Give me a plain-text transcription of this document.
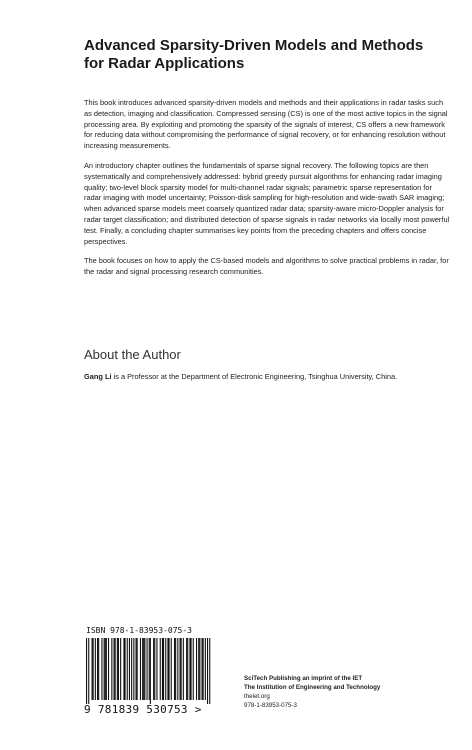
Advanced Sparsity-Driven Models and Methods for Radar Applications

This book introduces advanced sparsity-driven models and methods and their applications in radar tasks such as detection, imaging and classification. Compressed sensing (CS) is one of the most active topics in the signal processing area. By exploiting and promoting the sparsity of the signals of interest, CS offers a new framework for reducing data without compromising the performance of signal recovery, or for enhancing resolution without increasing measurements.

An introductory chapter outlines the fundamentals of sparse signal recovery. The following topics are then systematically and comprehensively addressed: hybrid greedy pursuit algorithms for enhancing radar imaging quality; two-level block sparsity model for multi-channel radar signals; parametric sparse representation for radar imaging with model uncertainty; Poisson-disk sampling for high-resolution and wide-swath SAR imaging; when advanced sparse models meet coarsely quantized radar data; sparsity-aware micro-Doppler analysis for radar target classification; and distributed detection of sparse signals in radar networks via locally most powerful test. Finally, a concluding chapter summarises key points from the preceding chapters and offers concise perspectives.

The book focuses on how to apply the CS-based models and algorithms to solve practical problems in radar, for the radar and signal processing research communities.

About the Author

Gang Li is a Professor at the Department of Electronic Engineering, Tsinghua University, China.

ISBN 978-1-83953-075-3
9 781839 530753 >
SciTech Publishing an imprint of the IET
The Institution of Engineering and Technology
theiet.org
978-1-83953-075-3
